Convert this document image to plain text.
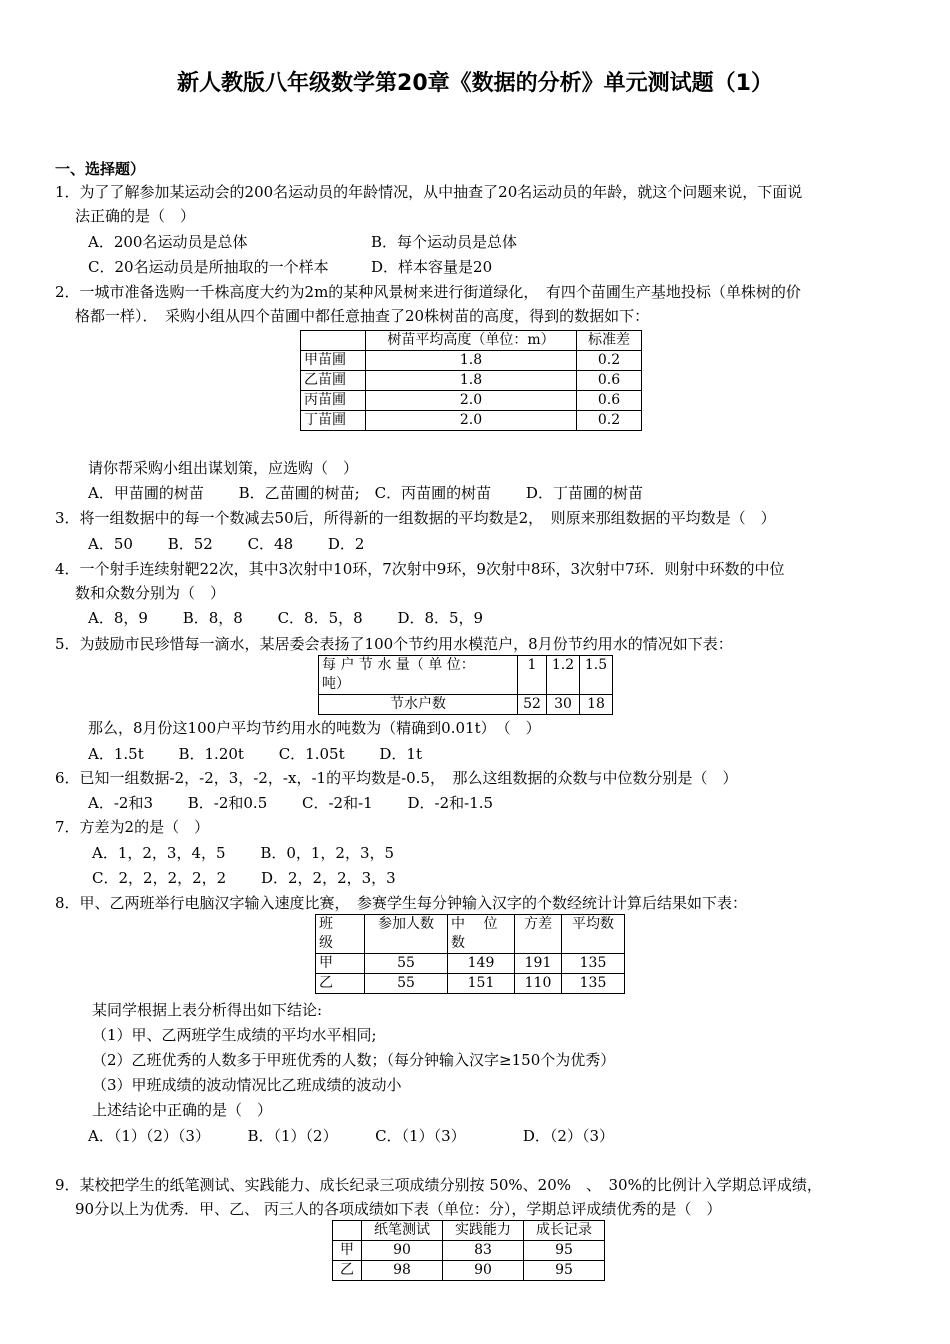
新人教版八年级数学第20章《数据的分析》单元测试题（1）
一、选择题）
1．为了了解参加某运动会的200名运动员的年龄情况，从中抽查了20名运动员的年龄，就这个问题来说，下面说
法正确的是（　）
A．200名运动员是总体	B．每个运动员是总体
C．20名运动员是所抽取的一个样本	D．样本容量是20
2．一城市准备选购一千株高度大约为2m的某种风景树来进行街道绿化，　有四个苗圃生产基地投标（单株树的价
格都一样）．　采购小组从四个苗圃中都任意抽查了20株树苗的高度，得到的数据如下：
	树苗平均高度（单位：m）	标准差
甲苗圃	1.8	0.2
乙苗圃	1.8	0.6
丙苗圃	2.0	0.6
丁苗圃	2.0	0.2
请你帮采购小组出谋划策，应选购（　）
A．甲苗圃的树苗　　 B．乙苗圃的树苗;　C．丙苗圃的树苗　　 D．丁苗圃的树苗
3．将一组数据中的每一个数减去50后，所得新的一组数据的平均数是2，　则原来那组数据的平均数是（　）
A．50　　 B．52　　 C．48　　 D．2
4．一个射手连续射靶22次，其中3次射中10环，7次射中9环，9次射中8环，3次射中7环．则射中环数的中位
数和众数分别为（　）
A．8，9　　 B．8，8　　 C．8．5，8　　 D．8．5，9
5．为鼓励市民珍惜每一滴水，某居委会表扬了100个节约用水模范户，8月份节约用水的情况如下表：
每 户 节 水 量（ 单 位：
吨）	1	1.2	1.5
节水户数	52	30	18
那么，8月份这100户平均节约用水的吨数为（精确到0.01t）　（　）
A．1.5t　　 B．1.20t　　 C．1.05t　　 D．1t
6．已知一组数据-2，-2，3，-2，-x，-1的平均数是-0.5，　那么这组数据的众数与中位数分别是（　）
A．-2和3　　 B．-2和0.5　　 C．-2和-1　　 D．-2和-1.5
7．方差为2的是（　）
A．1，2，3，4，5　　 B．0，1，2，3，5
C．2，2，2，2，2　　 D．2，2，2，3，3
8．甲、乙两班举行电脑汉字输入速度比赛，　参赛学生每分钟输入汉字的个数经统计计算后结果如下表：
班
级	参加人数	中　 位
数	方差	平均数
甲	55	149	191	135
乙	55	151	110	135
某同学根据上表分析得出如下结论:
（1）甲、乙两班学生成绩的平均水平相同;
（2）乙班优秀的人数多于甲班优秀的人数；（每分钟输入汉字≥150个为优秀）
（3）甲班成绩的波动情况比乙班成绩的波动小
上述结论中正确的是（　）
A．（1）（2）（3）　　　B．（1）（2）　　　C．（1）（3）　　　　 D．（2）（3）
9．某校把学生的纸笔测试、实践能力、成长纪录三项成绩分别按 50%、20%　、　30%的比例计入学期总评成绩，
90分以上为优秀．甲、乙、 丙三人的各项成绩如下表（单位：分），学期总评成绩优秀的是（　）
	纸笔测试	实践能力	成长记录
甲	90	83	95
乙	98	90	95
